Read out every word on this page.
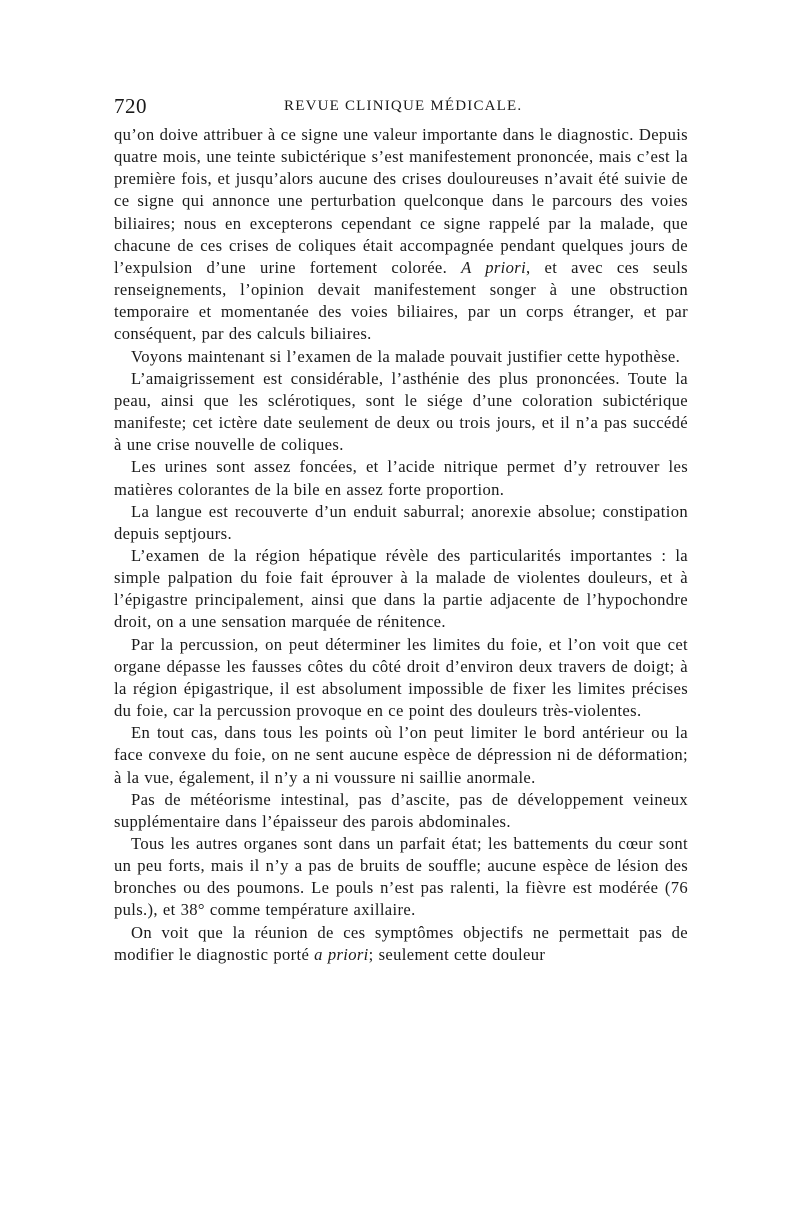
720	REVUE CLINIQUE MÉDICALE.

qu’on doive attribuer à ce signe une valeur importante dans le diagnostic. Depuis quatre mois, une teinte subictérique s’est manifestement prononcée, mais c’est la première fois, et jusqu’alors aucune des crises douloureuses n’avait été suivie de ce signe qui annonce une perturbation quelconque dans le parcours des voies biliaires; nous en excepterons cependant ce signe rappelé par la malade, que chacune de ces crises de coliques était accompagnée pendant quelques jours de l’expulsion d’une urine fortement colorée. A priori, et avec ces seuls renseignements, l’opinion devait manifestement songer à une obstruction temporaire et momentanée des voies biliaires, par un corps étranger, et par conséquent, par des calculs biliaires.

Voyons maintenant si l’examen de la malade pouvait justifier cette hypothèse.

L’amaigrissement est considérable, l’asthénie des plus prononcées. Toute la peau, ainsi que les sclérotiques, sont le siége d’une coloration subictérique manifeste; cet ictère date seulement de deux ou trois jours, et il n’a pas succédé à une crise nouvelle de coliques.

Les urines sont assez foncées, et l’acide nitrique permet d’y retrouver les matières colorantes de la bile en assez forte proportion.

La langue est recouverte d’un enduit saburral; anorexie absolue; constipation depuis septjours.

L’examen de la région hépatique révèle des particularités importantes : la simple palpation du foie fait éprouver à la malade de violentes douleurs, et à l’épigastre principalement, ainsi que dans la partie adjacente de l’hypochondre droit, on a une sensation marquée de rénitence.

Par la percussion, on peut déterminer les limites du foie, et l’on voit que cet organe dépasse les fausses côtes du côté droit d’environ deux travers de doigt; à la région épigastrique, il est absolument impossible de fixer les limites précises du foie, car la percussion provoque en ce point des douleurs très-violentes.

En tout cas, dans tous les points où l’on peut limiter le bord antérieur ou la face convexe du foie, on ne sent aucune espèce de dépression ni de déformation; à la vue, également, il n’y a ni voussure ni saillie anormale.

Pas de météorisme intestinal, pas d’ascite, pas de développement veineux supplémentaire dans l’épaisseur des parois abdominales.

Tous les autres organes sont dans un parfait état; les battements du cœur sont un peu forts, mais il n’y a pas de bruits de souffle; aucune espèce de lésion des bronches ou des poumons. Le pouls n’est pas ralenti, la fièvre est modérée (76 puls.), et 38° comme température axillaire.

On voit que la réunion de ces symptômes objectifs ne permettait pas de modifier le diagnostic porté a priori; seulement cette douleur
